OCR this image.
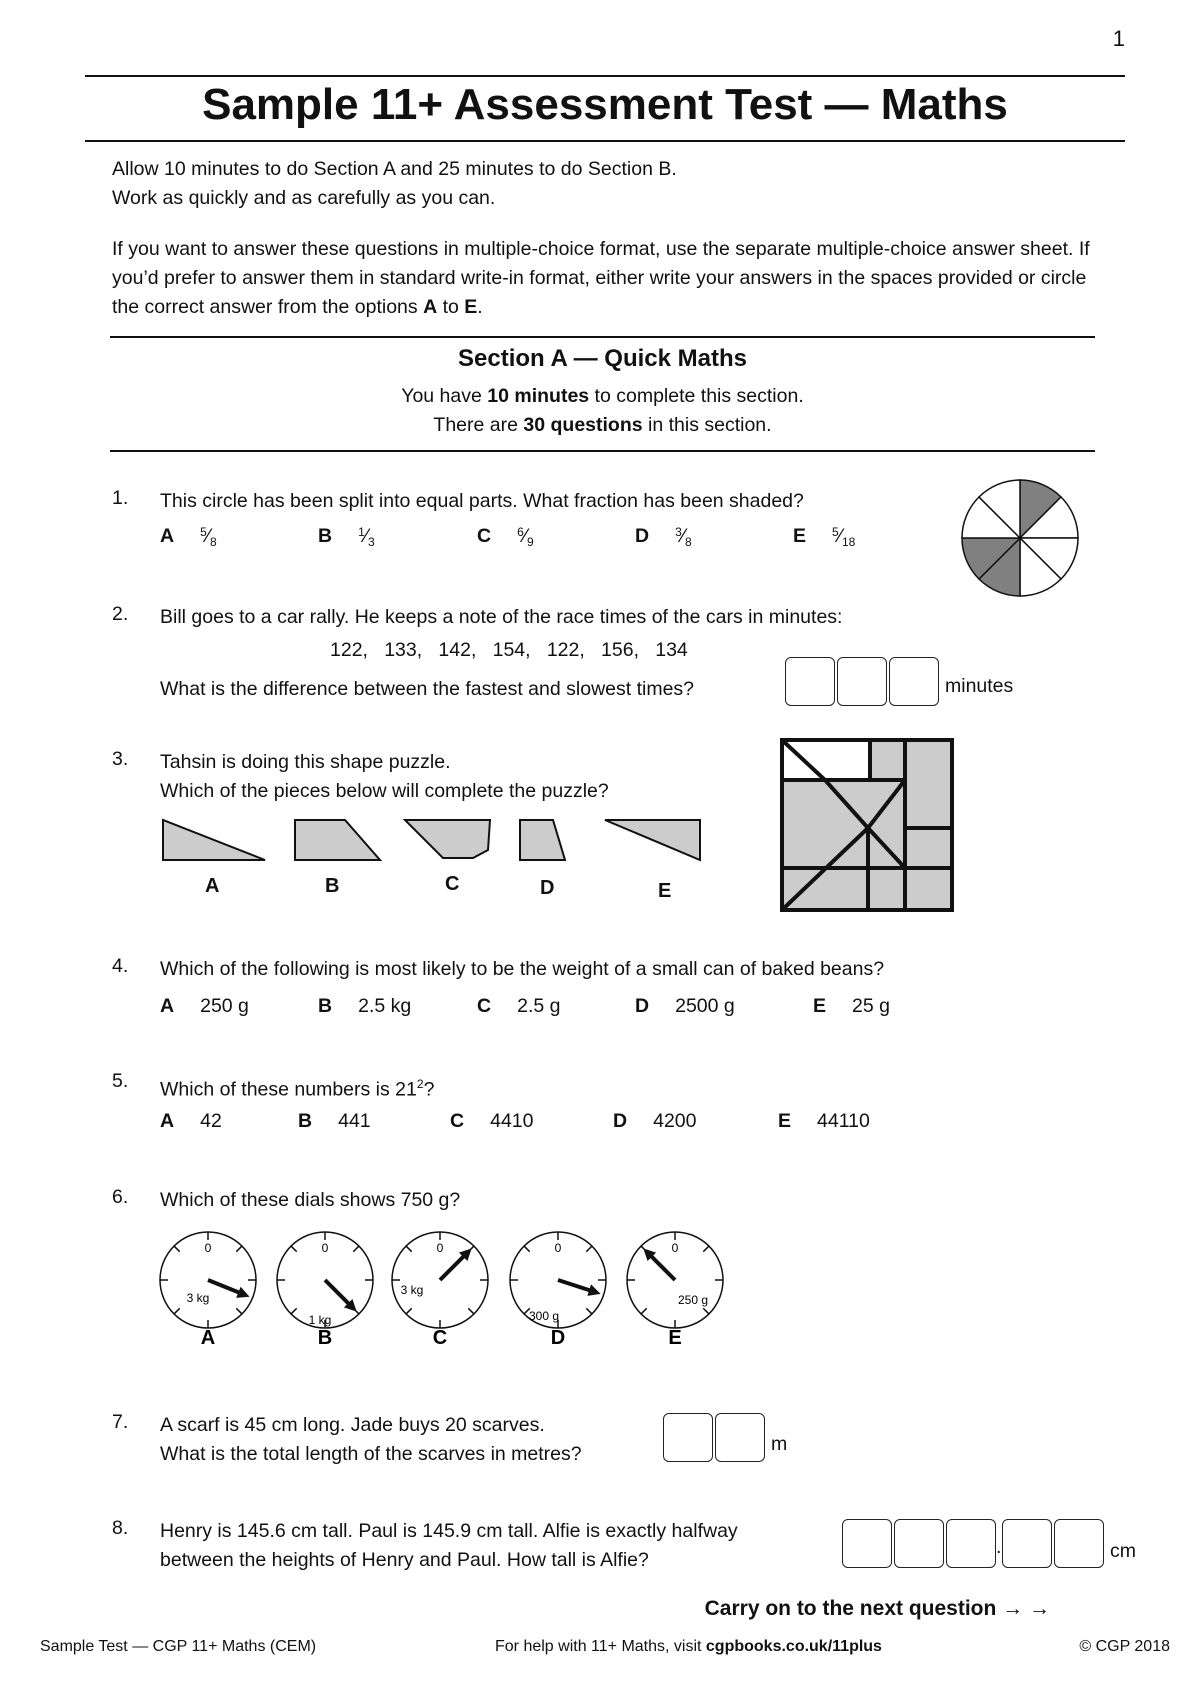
1
Sample 11+ Assessment Test — Maths

Allow 10 minutes to do Section A and 25 minutes to do Section B.
Work as quickly and as carefully as you can.

If you want to answer these questions in multiple-choice format, use the separate multiple-choice answer sheet. If you’d prefer to answer them in standard write-in format, either write your answers in the spaces provided or circle the correct answer from the options A to E.

Section A — Quick Maths
You have 10 minutes to complete this section.
There are 30 questions in this section.
1. This circle has been split into equal parts. What fraction has been shaded?
A $^5⁄_8$	B $^1⁄_3$	C $^6⁄_9$	D $^3⁄_8$	E $^5⁄_{18}$
2. Bill goes to a car rally. He keeps a note of the race times of the cars in minutes:
122,   133,   142,   154,   122,   156,   134
What is the difference between the fastest and slowest times?	minutes
3. Tahsin is doing this shape puzzle.
Which of the pieces below will complete the puzzle?
A	B	C	D	E
4. Which of the following is most likely to be the weight of a small can of baked beans?
A 250 g	B 2.5 kg	C 2.5 g	D 2500 g	E 25 g
5. Which of these numbers is $21^2$?
A 42	B 441	C 4410	D 4200	E 44110
6. Which of these dials shows 750 g?
0
3 kg
A
0
1 kg
B
0
3 kg
C
0
300 g
D
0
250 g
E
7. A scarf is 45 cm long. Jade buys 20 scarves.
What is the total length of the scarves in metres?	m
8. Henry is 145.6 cm tall. Paul is 145.9 cm tall. Alfie is exactly halfway
between the heights of Henry and Paul. How tall is Alfie?
.	cm
Carry on to the next question → →
Sample Test — CGP 11+ Maths (CEM)	For help with 11+ Maths, visit cgpbooks.co.uk/11plus	© CGP 2018
